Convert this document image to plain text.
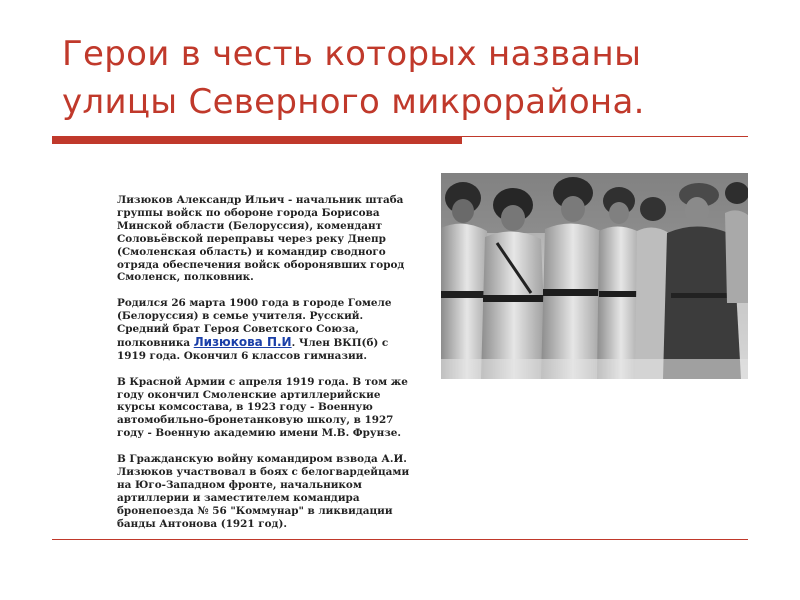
Герои в честь которых названы
улицы Северного микрорайона.

Лизюков Александр Ильич - начальник штаба группы войск по обороне города Борисова Минской области (Белоруссия), комендант Соловьёвской переправы через реку Днепр (Смоленская область) и командир сводного отряда обеспечения войск оборонявших город Смоленск, полковник.

Родился 26 марта 1900 года в городе Гомеле (Белоруссия) в семье учителя. Русский. Средний брат Героя Советского Союза, полковника Лизюкова П.И. Член ВКП(б) с 1919 года. Окончил 6 классов гимназии.

В Красной Армии с апреля 1919 года. В том же году окончил Смоленские артиллерийские курсы комсостава, в 1923 году - Военную автомобильно-бронетанковую школу, в 1927 году - Военную академию имени М.В. Фрунзе.

В Гражданскую войну командиром взвода А.И. Лизюков участвовал в боях с белогвардейцами на Юго-Западном фронте, начальником артиллерии и заместителем командира бронепоезда № 56 "Коммунар" в ликвидации банды Антонова (1921 год).
